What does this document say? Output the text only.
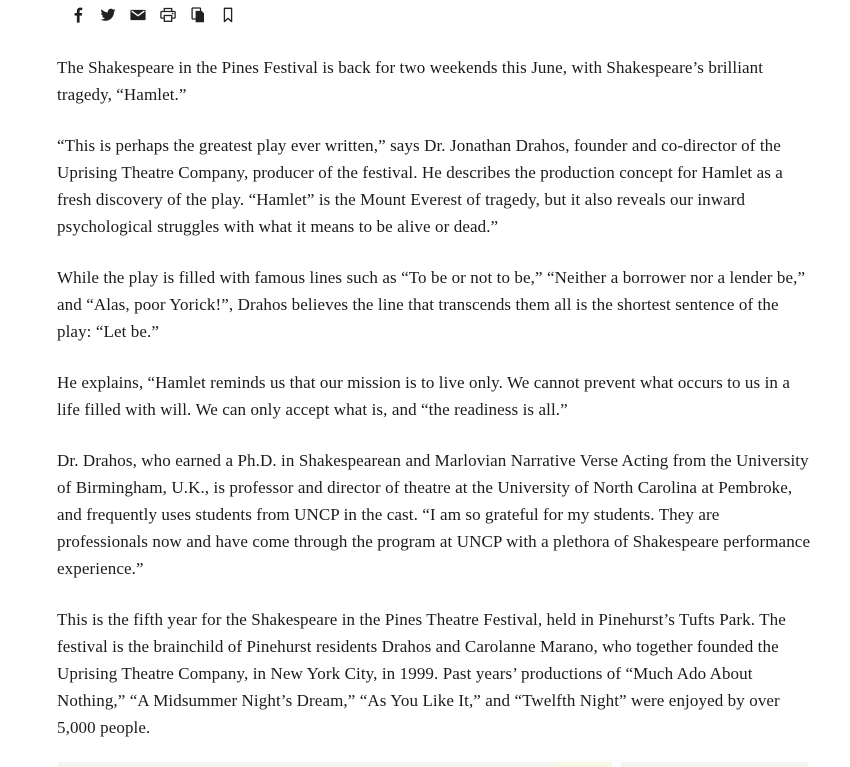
The Shakespeare in the Pines Festival is back for two weekends this June, with Shakespeare’s brilliant tragedy, “Hamlet.”

“This is perhaps the greatest play ever written,” says Dr. Jonathan Drahos, founder and co-director of the Uprising Theatre Company, producer of the festival. He describes the production concept for Hamlet as a fresh discovery of the play. “Hamlet” is the Mount Everest of tragedy, but it also reveals our inward psychological struggles with what it means to be alive or dead.”

While the play is filled with famous lines such as “To be or not to be,” “Neither a borrower nor a lender be,” and “Alas, poor Yorick!”, Drahos believes the line that transcends them all is the shortest sentence of the play: “Let be.”

He explains, “Hamlet reminds us that our mission is to live only. We cannot prevent what occurs to us in a life filled with will. We can only accept what is, and “the readiness is all.”

Dr. Drahos, who earned a Ph.D. in Shakespearean and Marlovian Narrative Verse Acting from the University of Birmingham, U.K., is professor and director of theatre at the University of North Carolina at Pembroke, and frequently uses students from UNCP in the cast. “I am so grateful for my students. They are professionals now and have come through the program at UNCP with a plethora of Shakespeare performance experience.”

This is the fifth year for the Shakespeare in the Pines Theatre Festival, held in Pinehurst’s Tufts Park. The festival is the brainchild of Pinehurst residents Drahos and Carolanne Marano, who together founded the Uprising Theatre Company, in New York City, in 1999. Past years’ productions of “Much Ado About Nothing,” “A Midsummer Night’s Dream,” “As You Like It,” and “Twelfth Night” were enjoyed by over 5,000 people.
